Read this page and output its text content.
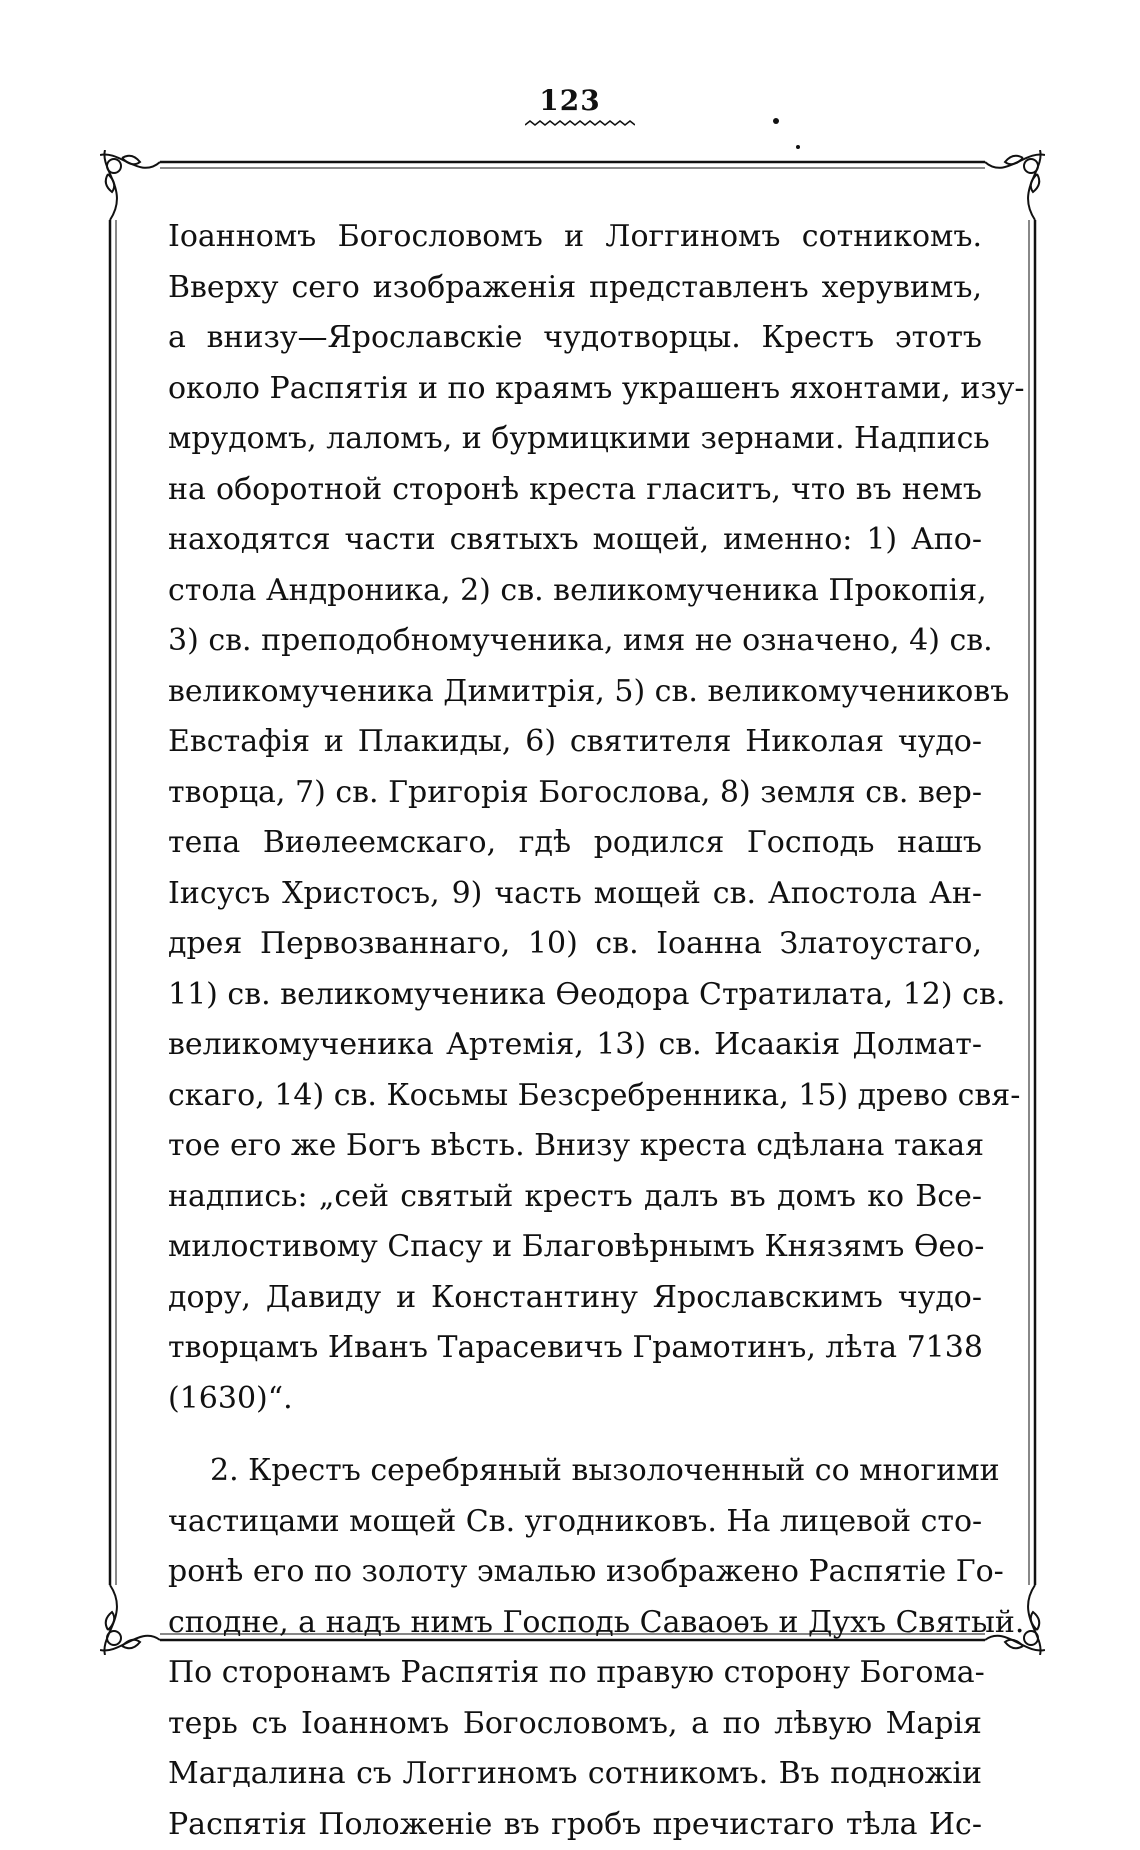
123
Іоанномъ Богословомъ и Логгиномъ сотникомъ.
Вверху сего изображенія представленъ херувимъ,
а внизу—Ярославскіе чудотворцы. Крестъ этотъ
около Распятія и по краямъ украшенъ яхонтами, изу-
мрудомъ, лаломъ, и бурмицкими зернами. Надпись
на оборотной сторонѣ креста гласитъ, что въ немъ
находятся части святыхъ мощей, именно: 1) Апо-
стола Андроника, 2) св. великомученика Прокопія,
3) св. преподобномученика, имя не означено, 4) св.
великомученика Димитрія, 5) св. великомучениковъ
Евстафія и Плакиды, 6) святителя Николая чудо-
творца, 7) св. Григорія Богослова, 8) земля св. вер-
тепа Виѳлеемскаго, гдѣ родился Господь нашъ
Іисусъ Христосъ, 9) часть мощей св. Апостола Ан-
дрея Первозваннаго, 10) св. Іоанна Златоустаго,
11) св. великомученика Ѳеодора Стратилата, 12) св.
великомученика Артемія, 13) св. Исаакія Долмат-
скаго, 14) св. Косьмы Безсребренника, 15) древо свя-
тое его же Богъ вѣсть. Внизу креста сдѣлана такая
надпись: „сей святый крестъ далъ въ домъ ко Все-
милостивому Спасу и Благовѣрнымъ Князямъ Ѳео-
дору, Давиду и Константину Ярославскимъ чудо-
творцамъ Иванъ Тарасевичъ Грамотинъ, лѣта 7138
(1630)“.
2. Крестъ серебряный вызолоченный со многими
частицами мощей Св. угодниковъ. На лицевой сто-
ронѣ его по золоту эмалью изображено Распятіе Го-
сподне, а надъ нимъ Господь Саваоѳъ и Духъ Святый.
По сторонамъ Распятія по правую сторону Богома-
терь съ Іоанномъ Богословомъ, а по лѣвую Марія
Магдалина съ Логгиномъ сотникомъ. Въ подножіи
Распятія Положеніе въ гробъ пречистаго тѣла Ис-
